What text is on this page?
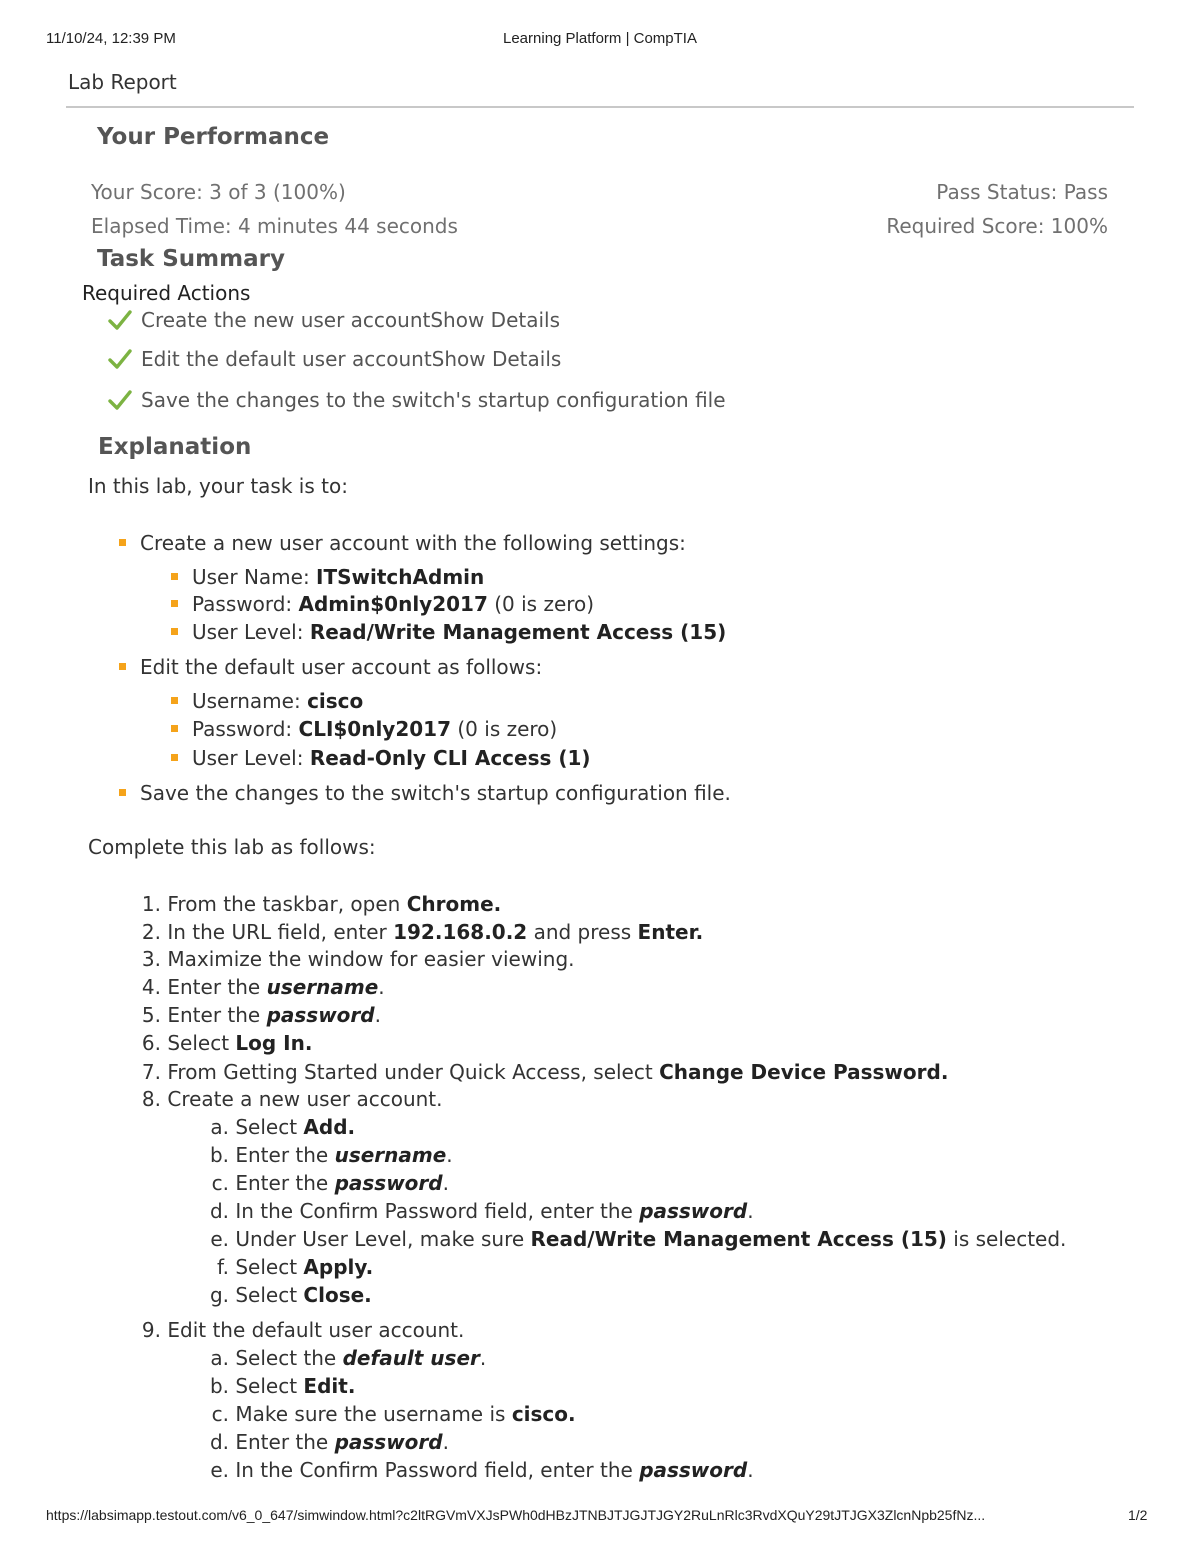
11/10/24, 12:39 PM	Learning Platform | CompTIA
Lab Report
Your Performance
Your Score: 3 of 3 (100%)
Elapsed Time: 4 minutes 44 seconds
Pass Status: Pass
Required Score: 100%
Task Summary
Required Actions
Create the new user account Show Details
Edit the default user account Show Details
Save the changes to the switch's startup configuration file
Explanation
In this lab, your task is to:
Create a new user account with the following settings:
User Name: ITSwitchAdmin
Password: Admin$0nly2017 (0 is zero)
User Level: Read/Write Management Access (15)
Edit the default user account as follows:
Username: cisco
Password: CLI$0nly2017 (0 is zero)
User Level: Read-Only CLI Access (1)
Save the changes to the switch's startup configuration file.
Complete this lab as follows:
1. From the taskbar, open Chrome.
2. In the URL field, enter 192.168.0.2 and press Enter.
3. Maximize the window for easier viewing.
4. Enter the username.
5. Enter the password.
6. Select Log In.
7. From Getting Started under Quick Access, select Change Device Password.
8. Create a new user account.
a. Select Add.
b. Enter the username.
c. Enter the password.
d. In the Confirm Password field, enter the password.
e. Under User Level, make sure Read/Write Management Access (15) is selected.
f. Select Apply.
g. Select Close.
9. Edit the default user account.
a. Select the default user.
b. Select Edit.
c. Make sure the username is cisco.
d. Enter the password.
e. In the Confirm Password field, enter the password.
https://labsimapp.testout.com/v6_0_647/simwindow.html?c2ltRGVmVXJsPWh0dHBzJTNBJTJGJTJGY2RuLnRlc3RvdXQuY29tJTJGX3ZlcnNpb25fNz...	1/2
